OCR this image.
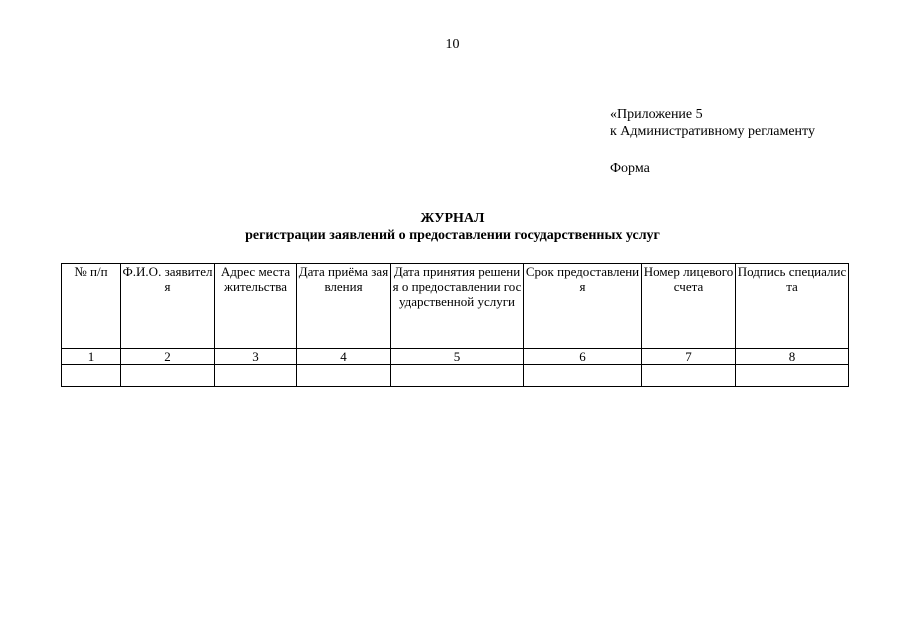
10
«Приложение 5
к Административному регламенту
Форма
ЖУРНАЛ
регистрации заявлений о предоставлении государственных услуг
№ п/п	Ф.И.О. заявителя	Адрес места жительства	Дата приёма заявления	Дата принятия решения о предоставлении государственной услуги	Срок предоставления	Номер лицевого счета	Подпись специалиста
1	2	3	4	5	6	7	8
